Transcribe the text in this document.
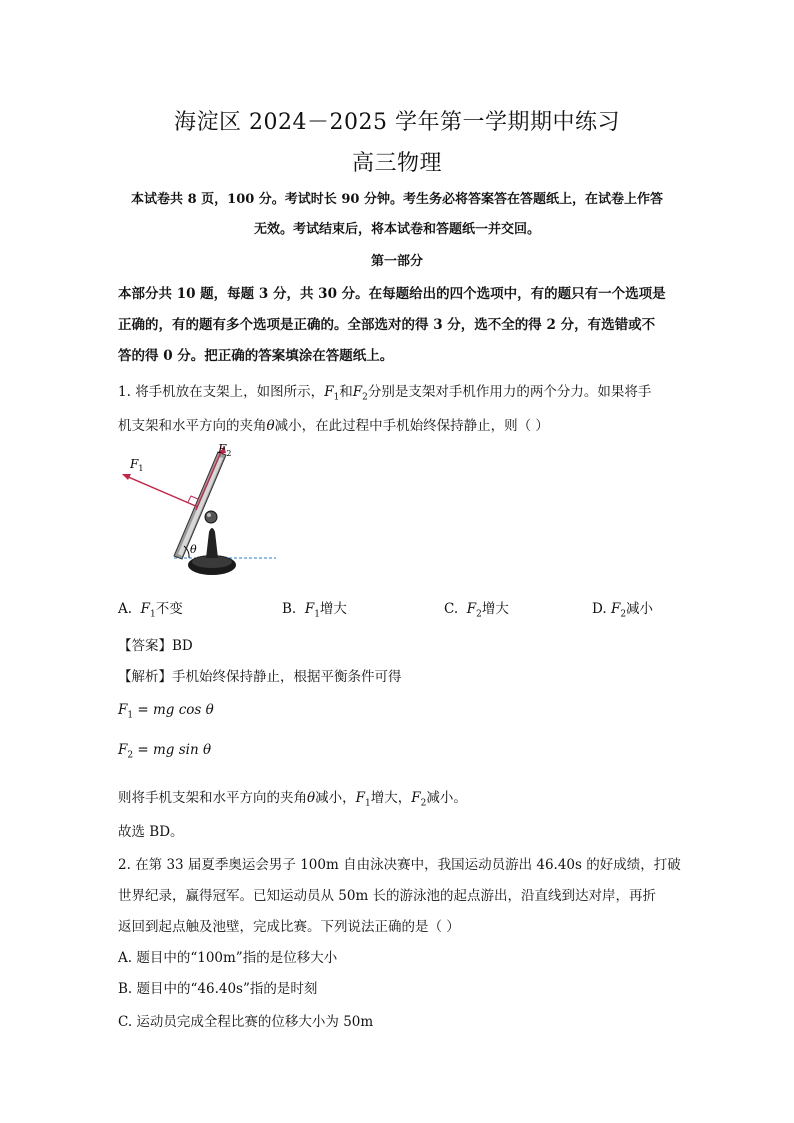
海淀区 2024－2025 学年第一学期期中练习
高三物理
本试卷共 8 页，100 分。考试时长 90 分钟。考生务必将答案答在答题纸上，在试卷上作答
无效。考试结束后，将本试卷和答题纸一并交回。
第一部分
本部分共 10 题，每题 3 分，共 30 分。在每题给出的四个选项中，有的题只有一个选项是
正确的，有的题有多个选项是正确的。全部选对的得 3 分，选不全的得 2 分，有选错或不
答的得 0 分。把正确的答案填涂在答题纸上。
1. 将手机放在支架上，如图所示，$F_1$和$F_2$分别是支架对手机作用力的两个分力。如果将手
机支架和水平方向的夹角θ减小，在此过程中手机始终保持静止，则（ ）
$F_1$
$F_2$
θ
A. $F_1$不变	B. $F_1$增大	C. $F_2$增大	D. $F_2$减小
【答案】BD
【解析】手机始终保持静止，根据平衡条件可得
$F_1$ = mg cos θ
$F_2$ = mg sin θ
则将手机支架和水平方向的夹角θ减小，$F_1$增大，$F_2$减小。
故选 BD。
2. 在第 33 届夏季奥运会男子 100m 自由泳决赛中，我国运动员游出 46.40s 的好成绩，打破
世界纪录，赢得冠军。已知运动员从 50m 长的游泳池的起点游出，沿直线到达对岸，再折
返回到起点触及池壁，完成比赛。下列说法正确的是（ ）
A. 题目中的“100m”指的是位移大小
B. 题目中的“46.40s”指的是时刻
C. 运动员完成全程比赛的位移大小为 50m
